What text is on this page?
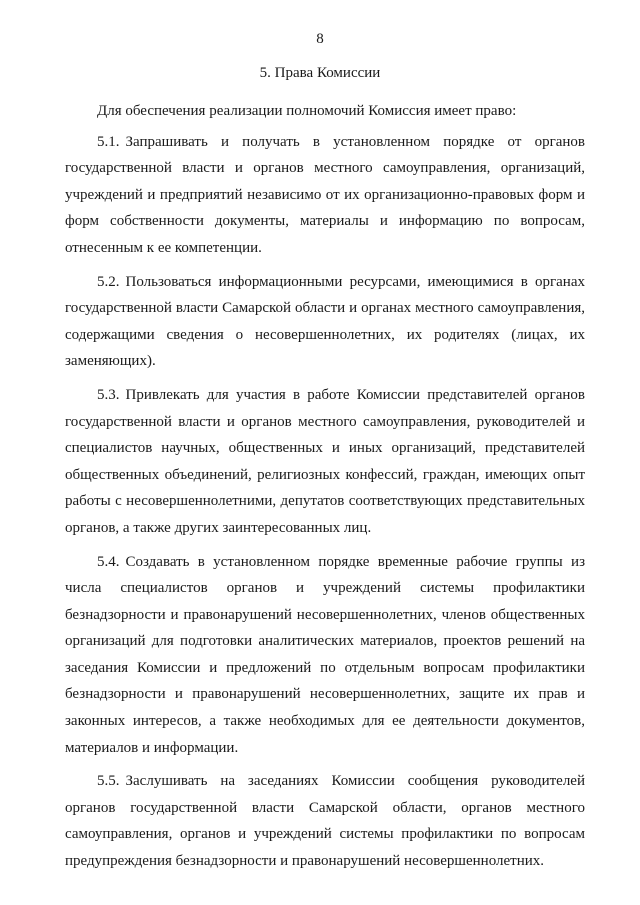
8
5. Права Комиссии

Для обеспечения реализации полномочий Комиссия имеет право:

5.1. Запрашивать и получать в установленном порядке от органов государственной власти и органов местного самоуправления, организаций, учреждений и предприятий независимо от их организационно-правовых форм и форм собственности документы, материалы и информацию по вопросам, отнесенным к ее компетенции.

5.2. Пользоваться информационными ресурсами, имеющимися в органах государственной власти Самарской области и органах местного самоуправления, содержащими сведения о несовершеннолетних, их родителях (лицах, их заменяющих).

5.3. Привлекать для участия в работе Комиссии представителей органов государственной власти и органов местного самоуправления, руководителей и специалистов научных, общественных и иных организаций, представителей общественных объединений, религиозных конфессий, граждан, имеющих опыт работы с несовершеннолетними, депутатов соответствующих представительных органов, а также других заинтересованных лиц.

5.4. Создавать в установленном порядке временные рабочие группы из числа специалистов органов и учреждений системы профилактики безнадзорности и правонарушений несовершеннолетних, членов общественных организаций для подготовки аналитических материалов, проектов решений на заседания Комиссии и предложений по отдельным вопросам профилактики безнадзорности и правонарушений несовершеннолетних, защите их прав и законных интересов, а также необходимых для ее деятельности документов, материалов и информации.

5.5. Заслушивать на заседаниях Комиссии сообщения руководителей органов государственной власти Самарской области, органов местного самоуправления, органов и учреждений системы профилактики по вопросам предупреждения безнадзорности и правонарушений несовершеннолетних.
